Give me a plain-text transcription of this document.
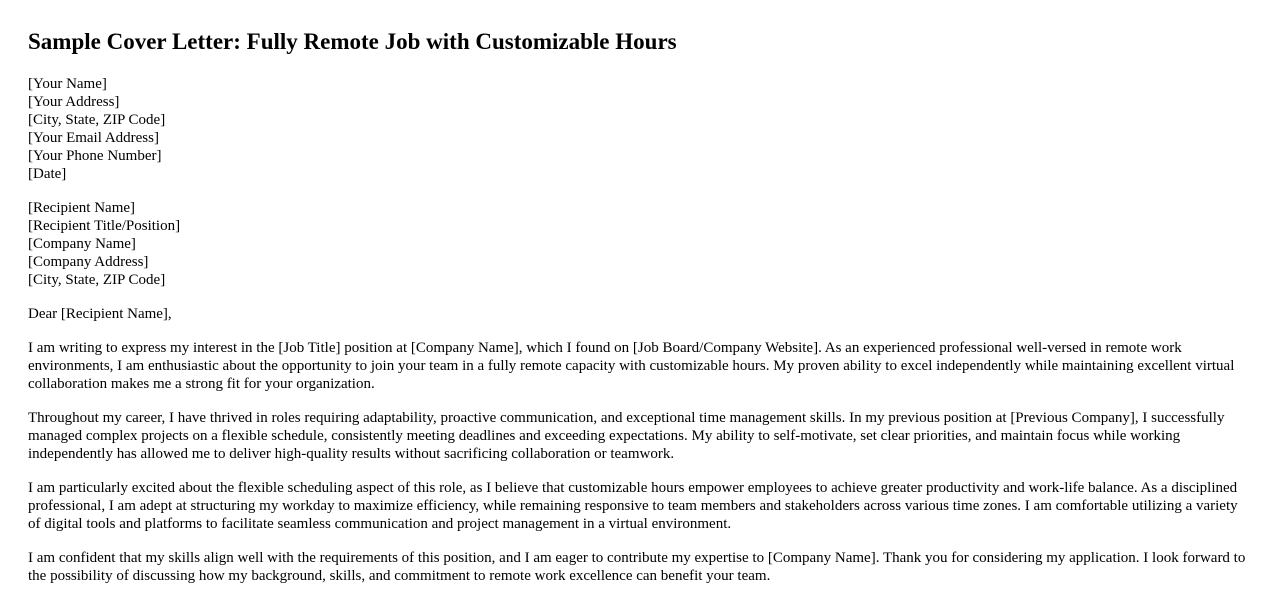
Sample Cover Letter: Fully Remote Job with Customizable Hours
[Your Name]
[Your Address]
[City, State, ZIP Code]
[Your Email Address]
[Your Phone Number]
[Date]
[Recipient Name]
[Recipient Title/Position]
[Company Name]
[Company Address]
[City, State, ZIP Code]

Dear [Recipient Name],

I am writing to express my interest in the [Job Title] position at [Company Name], which I found on [Job Board/Company Website]. As an experienced professional well-versed in remote work environments, I am enthusiastic about the opportunity to join your team in a fully remote capacity with customizable hours. My proven ability to excel independently while maintaining excellent virtual collaboration makes me a strong fit for your organization.

Throughout my career, I have thrived in roles requiring adaptability, proactive communication, and exceptional time management skills. In my previous position at [Previous Company], I successfully managed complex projects on a flexible schedule, consistently meeting deadlines and exceeding expectations. My ability to self-motivate, set clear priorities, and maintain focus while working independently has allowed me to deliver high-quality results without sacrificing collaboration or teamwork.

I am particularly excited about the flexible scheduling aspect of this role, as I believe that customizable hours empower employees to achieve greater productivity and work-life balance. As a disciplined professional, I am adept at structuring my workday to maximize efficiency, while remaining responsive to team members and stakeholders across various time zones. I am comfortable utilizing a variety of digital tools and platforms to facilitate seamless communication and project management in a virtual environment.

I am confident that my skills align well with the requirements of this position, and I am eager to contribute my expertise to [Company Name]. Thank you for considering my application. I look forward to the possibility of discussing how my background, skills, and commitment to remote work excellence can benefit your team.
